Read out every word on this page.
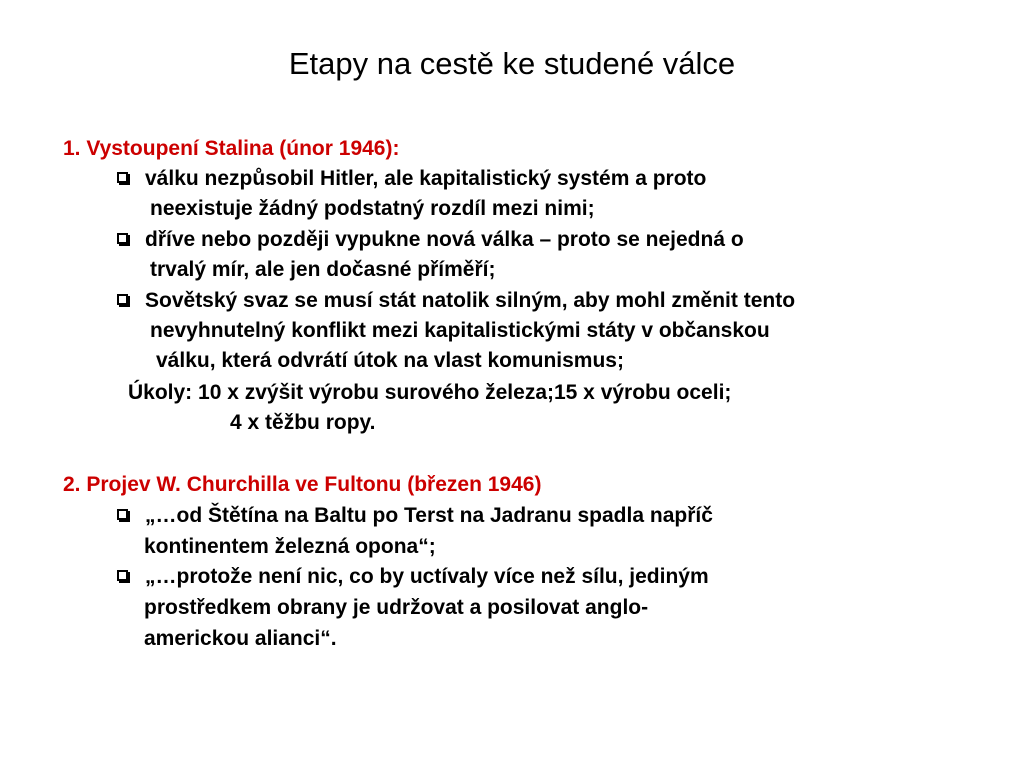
Etapy na cestě ke studené válce
1. Vystoupení Stalina (únor 1946):
válku nezpůsobil Hitler, ale kapitalistický systém a proto
neexistuje žádný podstatný rozdíl mezi nimi;
dříve nebo později vypukne nová válka – proto se nejedná o
trvalý mír, ale jen dočasné příměří;
Sovětský svaz se musí stát natolik silným, aby mohl změnit tento
nevyhnutelný konflikt mezi kapitalistickými státy v občanskou
válku, která odvrátí útok na vlast komunismus;
Úkoly: 10 x zvýšit výrobu surového železa;15 x výrobu oceli;
4 x těžbu ropy.
2. Projev W. Churchilla ve Fultonu (březen 1946)
„…od Štětína na Baltu po Terst na Jadranu spadla napříč
kontinentem železná opona“;
„…protože není nic, co by uctívaly více než sílu, jediným
prostředkem obrany je udržovat a posilovat anglo-
americkou alianci“.
